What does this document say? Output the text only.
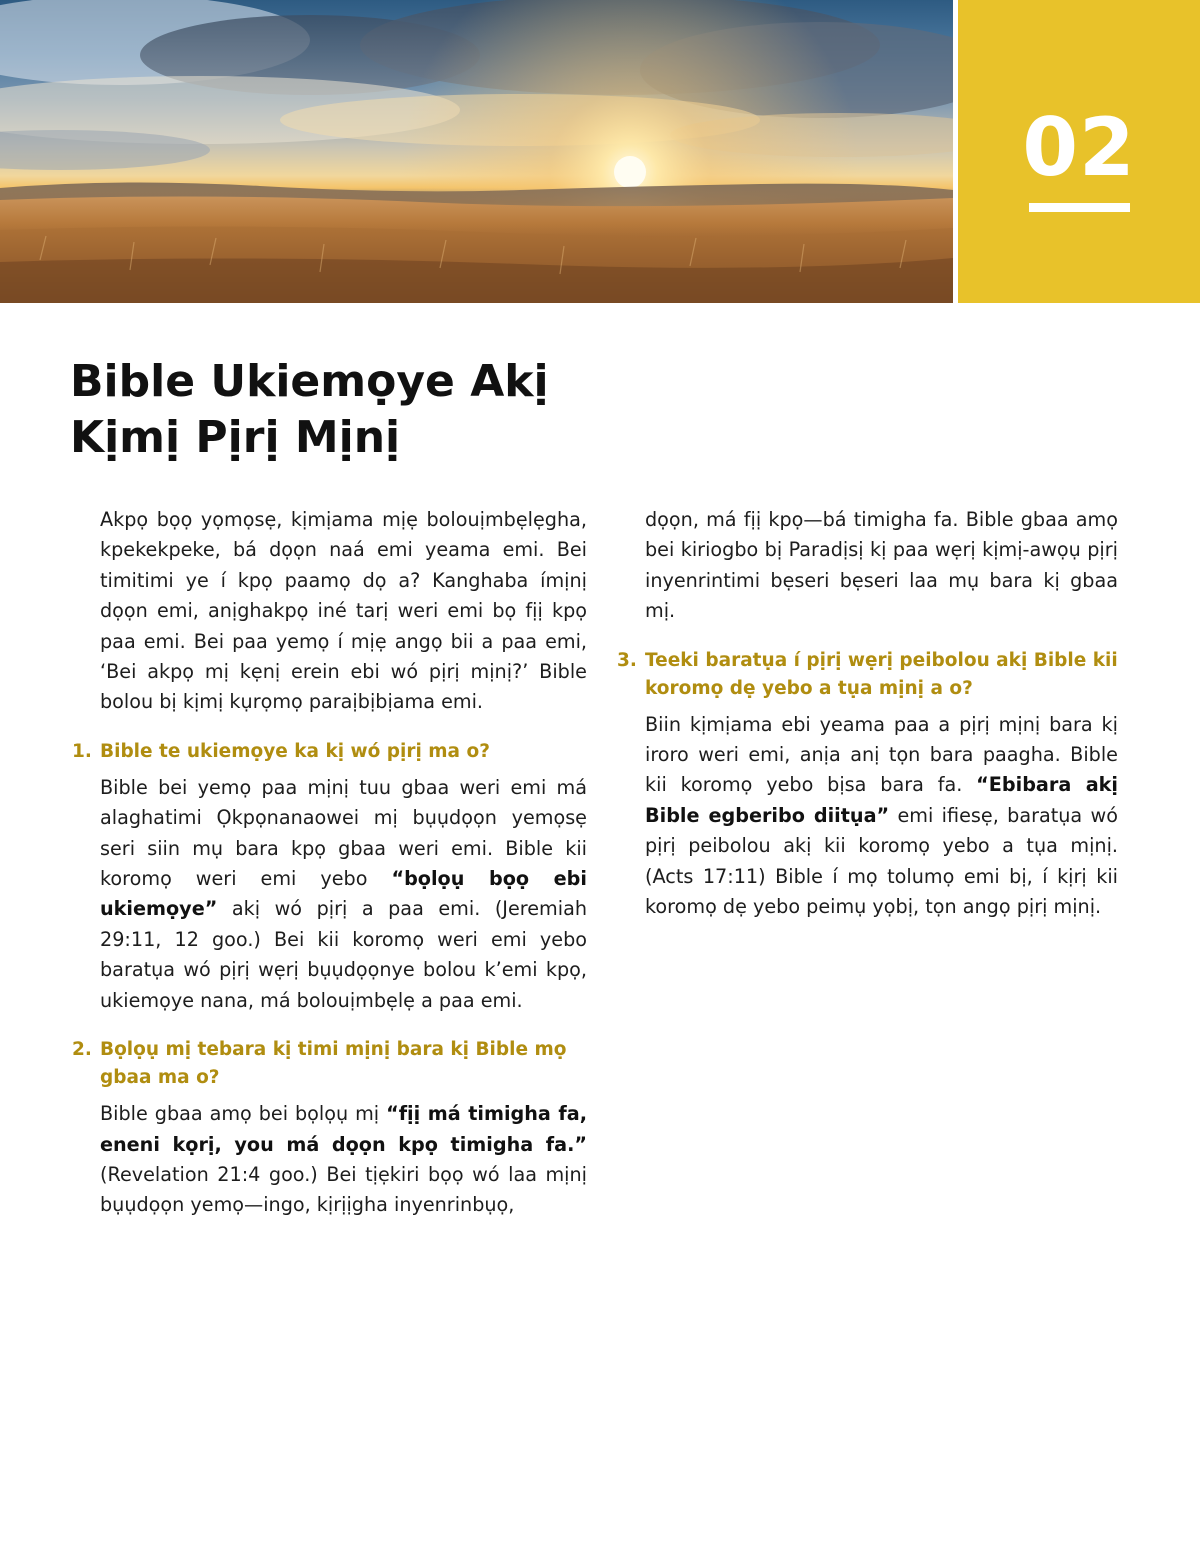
02
Bible Ukiemọye Akị
Kịmị Pịrị Mịnị

Akpọ bọọ yọmọsẹ, kịmịama mịẹ bolouịmbẹlẹgha, kpekekpeke, bá dọọn naá emi yeama emi. Bei timitimi ye í kpọ paamọ dọ a? Kanghaba ímịnị dọọn emi, anịghakpọ iné tarị weri emi bọ fịị kpọ paa emi. Bei paa yemọ í mịẹ angọ bii a paa emi, ‘Bei akpọ mị kẹnị erein ebi wó pịrị mịnị?’ Bible bolou bị kịmị kụrọmọ paraịbịbịama emi.

1. Bible te ukiemọye ka kị wó pịrị ma o?

Bible bei yemọ paa mịnị tuu gbaa weri emi má alaghatimi Ọkpọnanaowei mị bụụdọọn yemọsẹ seri siin mụ bara kpọ gbaa weri emi. Bible kii koromọ weri emi yebo “bọlọụ bọọ ebi ukiemọye” akị wó pịrị a paa emi. (Jeremiah 29:11, 12 goo.) Bei kii koromọ weri emi yebo baratụa wó pịrị wẹrị bụụdọọnye bolou k’emi kpọ, ukiemọye nana, má bolouịmbẹlẹ a paa emi.

2. Bọlọụ mị tebara kị timi mịnị bara kị Bible mọ gbaa ma o?

Bible gbaa amọ bei bọlọụ mị “fịị má timigha fa, eneni kọrị, you má dọọn kpọ timigha fa.” (Revelation 21:4 goo.) Bei tịẹkiri bọọ wó laa mịnị bụụdọọn yemọ—ingo, kịrịịgha inyenrinbụọ,

dọọn, má fịị kpọ—bá timigha fa. Bible gbaa amọ bei kiriogbo bị Paradịsị kị paa wẹrị kịmị-awọụ pịrị inyenrintimi bẹseri bẹseri laa mụ bara kị gbaa mị.

3. Teeki baratụa í pịrị wẹrị peibolou akị Bible kii koromọ dẹ yebo a tụa mịnị a o?

Biin kịmịama ebi yeama paa a pịrị mịnị bara kị iroro weri emi, anịa anị tọn bara paagha. Bible kii koromọ yebo bịsa bara fa. “Ebibara akị Bible egberibo diitụa” emi ifiesẹ, baratụa wó pịrị peibolou akị kii koromọ yebo a tụa mịnị. (Acts 17:11) Bible í mọ tolumọ emi bị, í kịrị kii koromọ dẹ yebo peimụ yọbị, tọn angọ pịrị mịnị.
